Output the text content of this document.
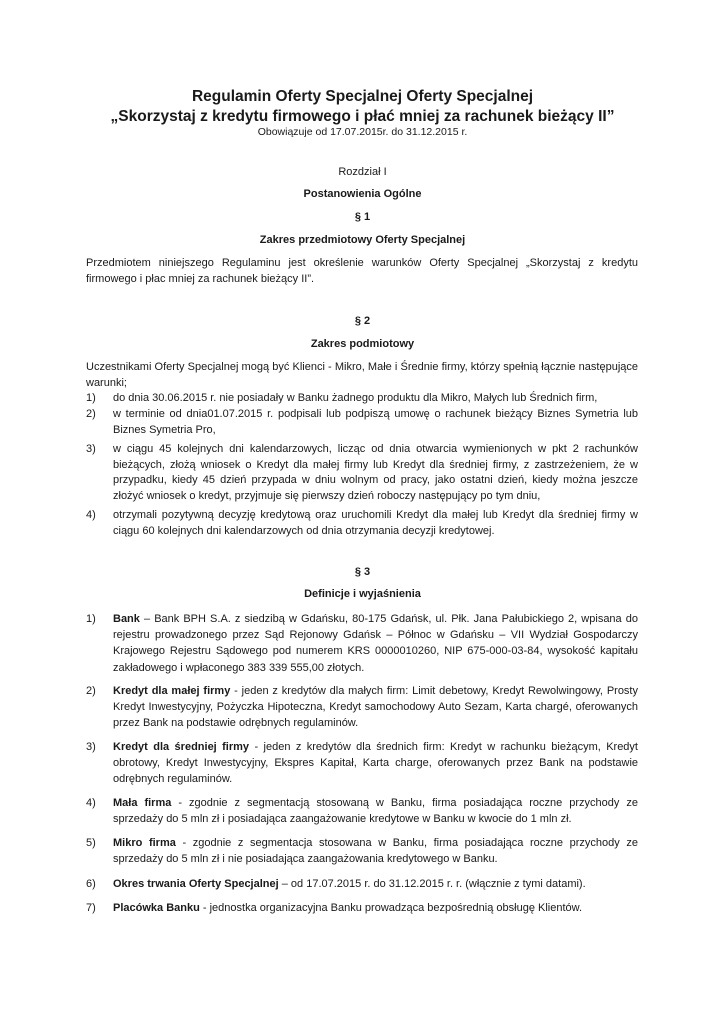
Regulamin Oferty Specjalnej Oferty Specjalnej
„Skorzystaj z kredytu firmowego i płać mniej za rachunek bieżący II”
Obowiązuje od 17.07.2015r. do 31.12.2015 r.
Rozdział I
Postanowienia Ogólne
§ 1
Zakres przedmiotowy Oferty Specjalnej
Przedmiotem niniejszego Regulaminu jest określenie warunków Oferty Specjalnej „Skorzystaj z kredytu firmowego i płac mniej za rachunek bieżący II”.
§ 2
Zakres podmiotowy
Uczestnikami Oferty Specjalnej mogą być Klienci - Mikro, Małe i Średnie firmy, którzy spełnią łącznie następujące warunki;
1) do dnia 30.06.2015 r. nie posiadały w Banku żadnego produktu dla Mikro, Małych lub Średnich firm,
2) w terminie od dnia01.07.2015 r. podpisali lub podpiszą umowę o rachunek bieżący Biznes Symetria lub Biznes Symetria Pro,
3) w ciągu 45 kolejnych dni kalendarzowych, licząc od dnia otwarcia wymienionych w pkt 2 rachunków bieżących, złożą wniosek o Kredyt dla małej firmy lub Kredyt dla średniej firmy, z zastrzeżeniem, że w przypadku, kiedy 45 dzień przypada w dniu wolnym od pracy, jako ostatni dzień, kiedy można jeszcze złożyć wniosek o kredyt, przyjmuje się pierwszy dzień roboczy następujący po tym dniu,
4) otrzymali pozytywną decyzję kredytową oraz uruchomili Kredyt dla małej lub Kredyt dla średniej firmy w ciągu 60 kolejnych dni kalendarzowych od dnia otrzymania decyzji kredytowej.
§ 3
Definicje i wyjaśnienia
1) Bank – Bank BPH S.A. z siedzibą w Gdańsku, 80-175 Gdańsk, ul. Płk. Jana Pałubickiego 2, wpisana do rejestru prowadzonego przez Sąd Rejonowy Gdańsk – Północ w Gdańsku – VII Wydział Gospodarczy Krajowego Rejestru Sądowego pod numerem KRS 0000010260, NIP 675-000-03-84, wysokość kapitału zakładowego i wpłaconego 383 339 555,00 złotych.
2) Kredyt dla małej firmy - jeden z kredytów dla małych firm: Limit debetowy, Kredyt Rewolwingowy, Prosty Kredyt Inwestycyjny, Pożyczka Hipoteczna, Kredyt samochodowy Auto Sezam, Karta chargé, oferowanych przez Bank na podstawie odrębnych regulaminów.
3) Kredyt dla średniej firmy - jeden z kredytów dla średnich firm: Kredyt w rachunku bieżącym, Kredyt obrotowy, Kredyt Inwestycyjny, Ekspres Kapitał, Karta charge, oferowanych przez Bank na podstawie odrębnych regulaminów.
4) Mała firma - zgodnie z segmentacją stosowaną w Banku, firma posiadająca roczne przychody ze sprzedaży do 5 mln zł i posiadająca zaangażowanie kredytowe w Banku w kwocie do 1 mln zł.
5) Mikro firma - zgodnie z segmentacja stosowana w Banku, firma posiadająca roczne przychody ze sprzedaży do 5 mln zł i nie posiadająca zaangażowania kredytowego w Banku.
6) Okres trwania Oferty Specjalnej – od 17.07.2015 r. do 31.12.2015 r. r. (włącznie z tymi datami).
7) Placówka Banku - jednostka organizacyjna Banku prowadząca bezpośrednią obsługę Klientów.
